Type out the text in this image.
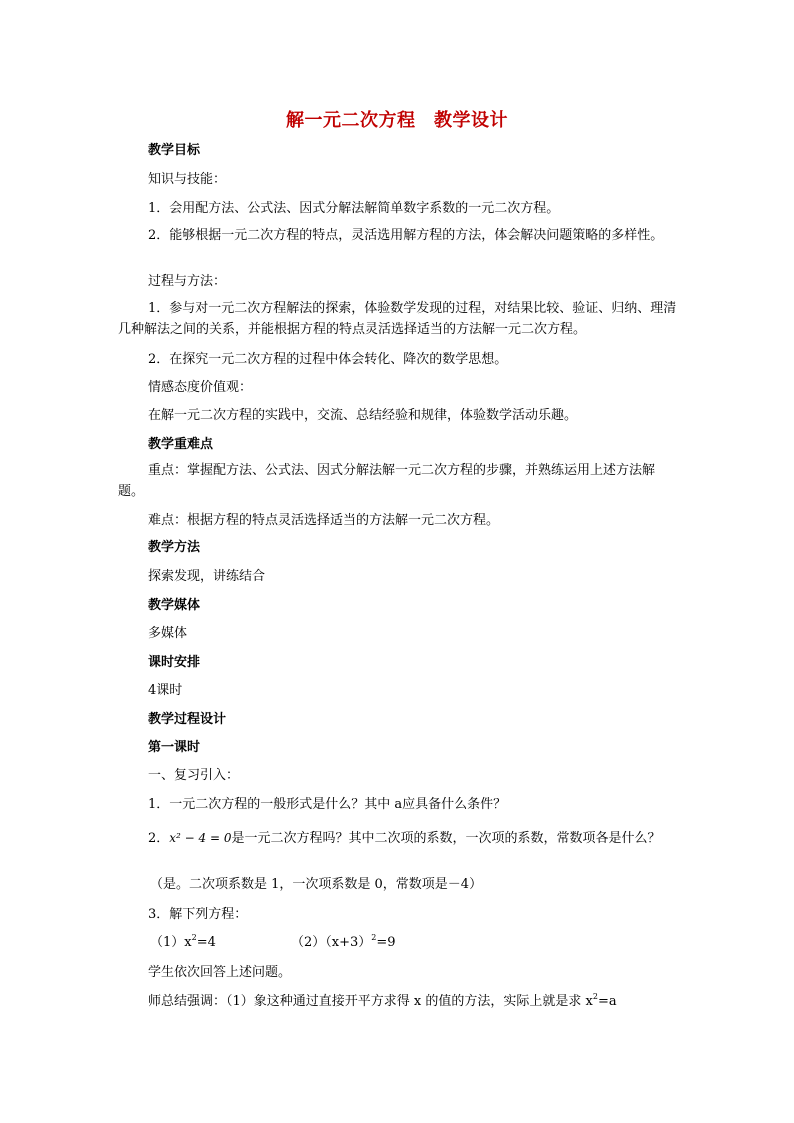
解一元二次方程　教学设计
教学目标
知识与技能：
1．会用配方法、公式法、因式分解法解简单数字系数的一元二次方程。
2．能够根据一元二次方程的特点，灵活选用解方程的方法，体会解决问题策略的多样性。
过程与方法：
1．参与对一元二次方程解法的探索，体验数学发现的过程，对结果比较、验证、归纳、理清几种解法之间的关系，并能根据方程的特点灵活选择适当的方法解一元二次方程。
2．在探究一元二次方程的过程中体会转化、降次的数学思想。
情感态度价值观：
在解一元二次方程的实践中，交流、总结经验和规律，体验数学活动乐趣。
教学重难点
重点：掌握配方法、公式法、因式分解法解一元二次方程的步骤，并熟练运用上述方法解题。
难点：根据方程的特点灵活选择适当的方法解一元二次方程。
教学方法
探索发现，讲练结合
教学媒体
多媒体
课时安排
4课时
教学过程设计
第一课时
一、复习引入：
1．一元二次方程的一般形式是什么？其中 a应具备什么条件？
2．x² − 4 = 0是一元二次方程吗？其中二次项的系数，一次项的系数，常数项各是什么？
（是。二次项系数是 1，一次项系数是 0，常数项是－4）
3．解下列方程：
$(1)x^2=4$	$(2)(x+3)^2=9$
学生依次回答上述问题。
师总结强调：（1）象这种通过直接开平方求得 x 的值的方法，实际上就是求 $x^2=a$
